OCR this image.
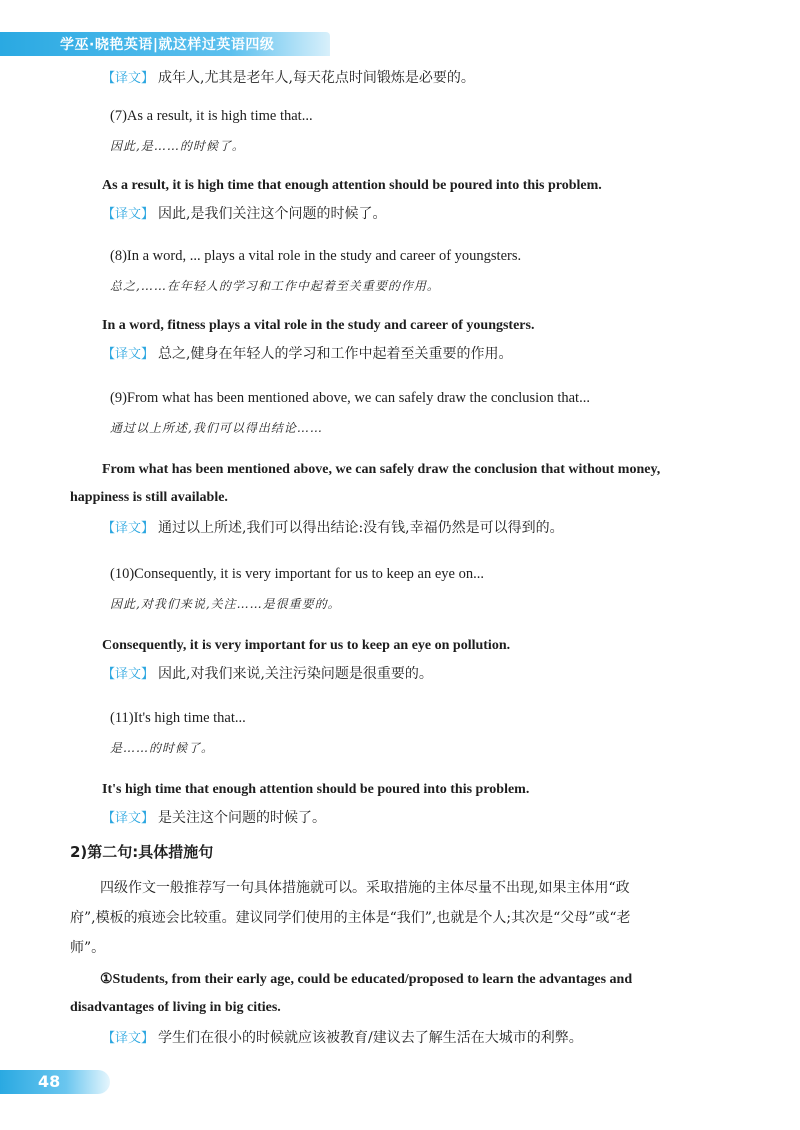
学巫·晓艳英语|就这样过英语四级
【译文】 成年人,尤其是老年人,每天花点时间锻炼是必要的。
(7)As a result, it is high time that...
因此,是……的时候了。
As a result, it is high time that enough attention should be poured into this problem.
【译文】 因此,是我们关注这个问题的时候了。
(8)In a word, ... plays a vital role in the study and career of youngsters.
总之,……在年轻人的学习和工作中起着至关重要的作用。
In a word, fitness plays a vital role in the study and career of youngsters.
【译文】 总之,健身在年轻人的学习和工作中起着至关重要的作用。
(9)From what has been mentioned above, we can safely draw the conclusion that...
通过以上所述,我们可以得出结论……
From what has been mentioned above, we can safely draw the conclusion that without money,
happiness is still available.
【译文】 通过以上所述,我们可以得出结论:没有钱,幸福仍然是可以得到的。
(10)Consequently, it is very important for us to keep an eye on...
因此,对我们来说,关注……是很重要的。
Consequently, it is very important for us to keep an eye on pollution.
【译文】 因此,对我们来说,关注污染问题是很重要的。
(11)It's high time that...
是……的时候了。
It's high time that enough attention should be poured into this problem.
【译文】 是关注这个问题的时候了。
2)第二句:具体措施句
四级作文一般推荐写一句具体措施就可以。采取措施的主体尽量不出现,如果主体用“政
府”,模板的痕迹会比较重。建议同学们使用的主体是“我们”,也就是个人;其次是“父母”或“老
师”。
①Students, from their early age, could be educated/proposed to learn the advantages and
disadvantages of living in big cities.
【译文】 学生们在很小的时候就应该被教育/建议去了解生活在大城市的利弊。
48
